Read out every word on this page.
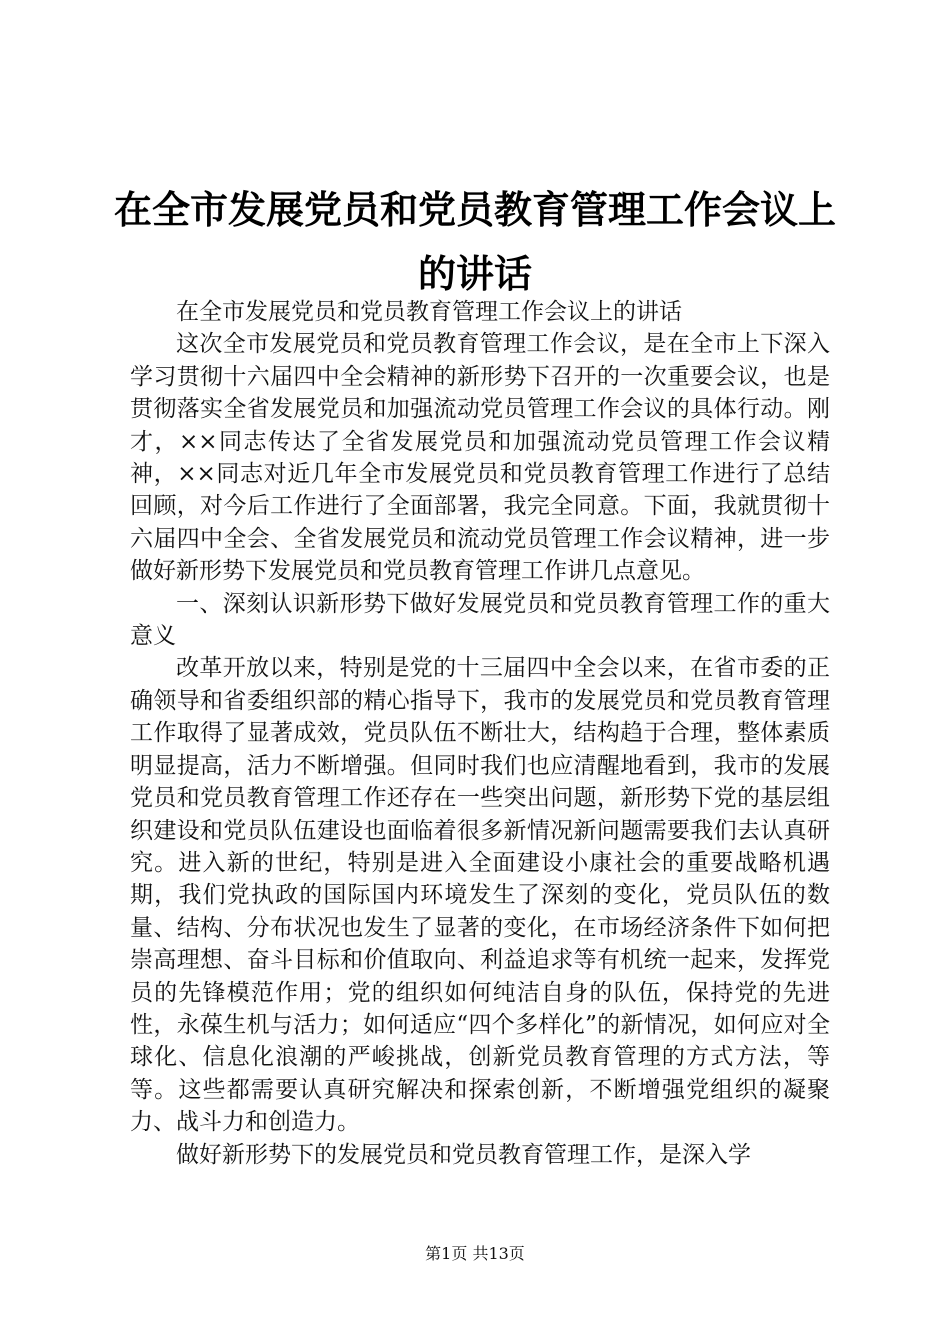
在全市发展党员和党员教育管理工作会议上的讲话

在全市发展党员和党员教育管理工作会议上的讲话

这次全市发展党员和党员教育管理工作会议，是在全市上下深入学习贯彻十六届四中全会精神的新形势下召开的一次重要会议，也是贯彻落实全省发展党员和加强流动党员管理工作会议的具体行动。刚才，××同志传达了全省发展党员和加强流动党员管理工作会议精神，××同志对近几年全市发展党员和党员教育管理工作进行了总结回顾，对今后工作进行了全面部署，我完全同意。下面，我就贯彻十六届四中全会、全省发展党员和流动党员管理工作会议精神，进一步做好新形势下发展党员和党员教育管理工作讲几点意见。

一、深刻认识新形势下做好发展党员和党员教育管理工作的重大意义

改革开放以来，特别是党的十三届四中全会以来，在省市委的正确领导和省委组织部的精心指导下，我市的发展党员和党员教育管理工作取得了显著成效，党员队伍不断壮大，结构趋于合理，整体素质明显提高，活力不断增强。但同时我们也应清醒地看到，我市的发展党员和党员教育管理工作还存在一些突出问题，新形势下党的基层组织建设和党员队伍建设也面临着很多新情况新问题需要我们去认真研究。进入新的世纪，特别是进入全面建设小康社会的重要战略机遇期，我们党执政的国际国内环境发生了深刻的变化，党员队伍的数量、结构、分布状况也发生了显著的变化，在市场经济条件下如何把崇高理想、奋斗目标和价值取向、利益追求等有机统一起来，发挥党员的先锋模范作用；党的组织如何纯洁自身的队伍，保持党的先进性，永葆生机与活力；如何适应“四个多样化”的新情况，如何应对全球化、信息化浪潮的严峻挑战，创新党员教育管理的方式方法，等等。这些都需要认真研究解决和探索创新，不断增强党组织的凝聚力、战斗力和创造力。

做好新形势下的发展党员和党员教育管理工作，是深入学

第1页 共13页
